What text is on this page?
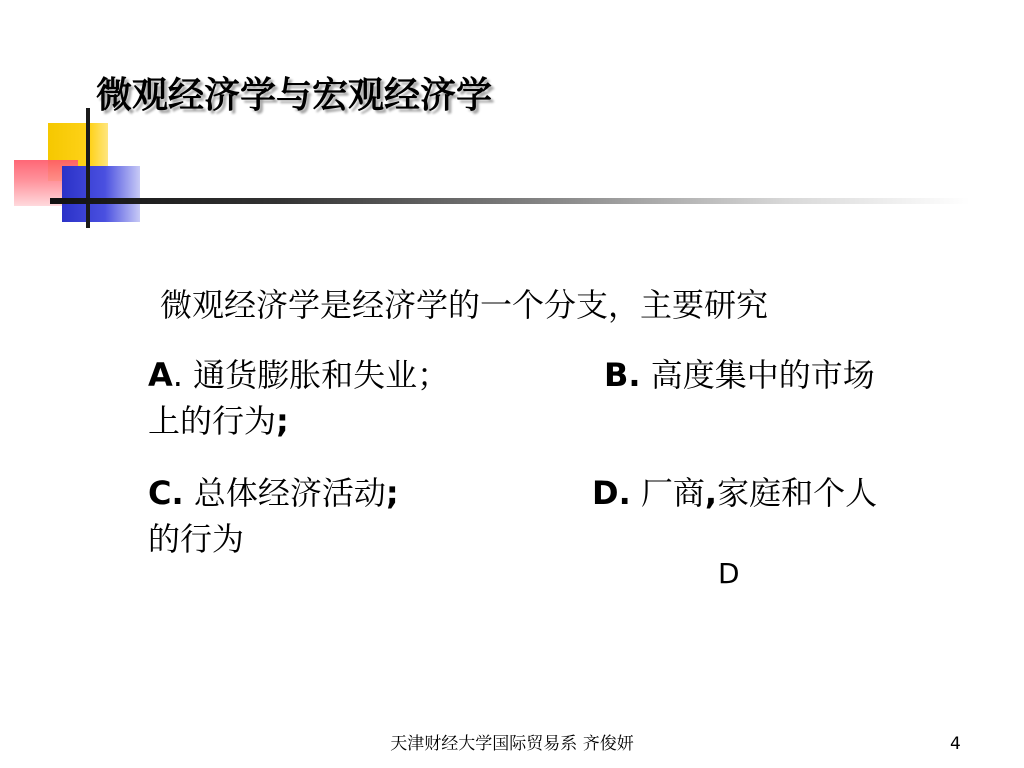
微观经济学与宏观经济学
微观经济学是经济学的一个分支，主要研究
A. 通货膨胀和失业；	B. 高度集中的市场
上的行为;
C. 总体经济活动;	D. 厂商,家庭和个人
的行为
D
天津财经大学国际贸易系 齐俊妍	4
